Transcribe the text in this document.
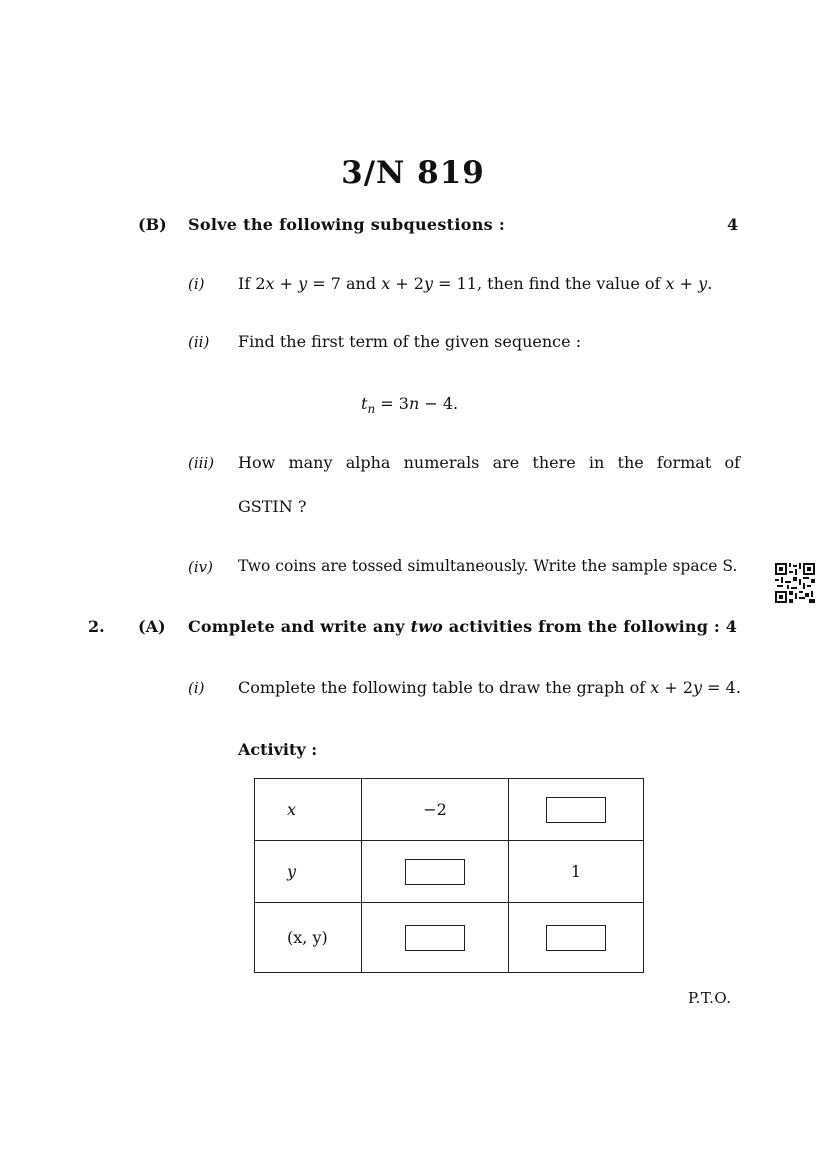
3/N 819
(B) Solve the following subquestions :	4
(i) If 2x + y = 7 and x + 2y = 11, then find the value of x + y.
(ii) Find the first term of the given sequence :
$t_n = 3n - 4$.
(iii) How many alpha numerals are there in the format of
GSTIN ?
(iv) Two coins are tossed simultaneously. Write the sample space S.
2. (A) Complete and write any two activities from the following : 4
(i) Complete the following table to draw the graph of x + 2y = 4.
Activity :
x	−2	
y		1
(x, y)		
P.T.O.
